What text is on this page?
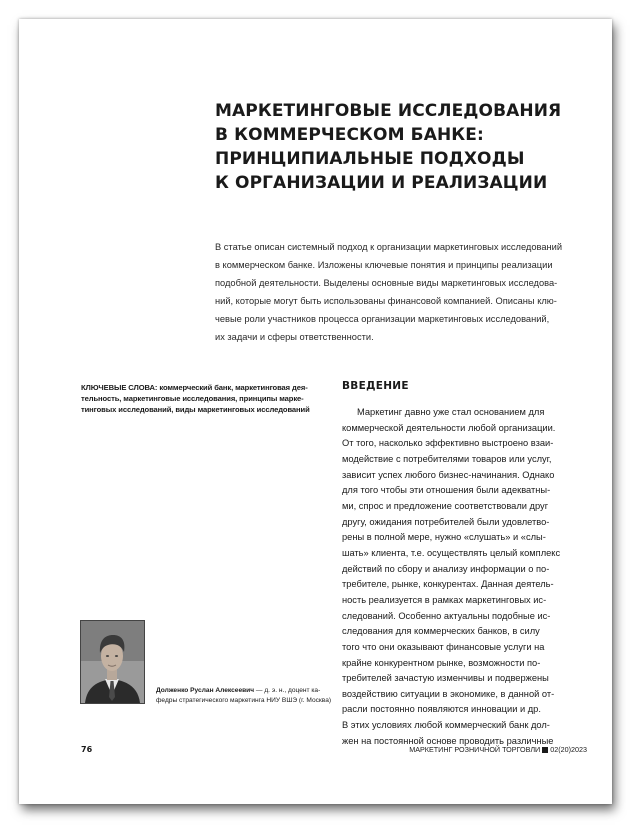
МАРКЕТИНГОВЫЕ ИССЛЕДОВАНИЯ
В КОММЕРЧЕСКОМ БАНКЕ:
ПРИНЦИПИАЛЬНЫЕ ПОДХОДЫ
К ОРГАНИЗАЦИИ И РЕАЛИЗАЦИИ
В статье описан системный подход к организации маркетинговых исследований
в коммерческом банке. Изложены ключевые понятия и принципы реализации
подобной деятельности. Выделены основные виды маркетинговых исследова-
ний, которые могут быть использованы финансовой компанией. Описаны клю-
чевые роли участников процесса организации маркетинговых исследований,
их задачи и сферы ответственности.
КЛЮЧЕВЫЕ СЛОВА: коммерческий банк, маркетинговая дея-
тельность, маркетинговые исследования, принципы марке-
тинговых исследований, виды маркетинговых исследований
ВВЕДЕНИЕ
Маркетинг давно уже стал основанием для
коммерческой деятельности любой организации.
От того, насколько эффективно выстроено взаи-
модействие с потребителями товаров или услуг,
зависит успех любого бизнес-начинания. Однако
для того чтобы эти отношения были адекватны-
ми, спрос и предложение соответствовали друг
другу, ожидания потребителей были удовлетво-
рены в полной мере, нужно «слушать» и «слы-
шать» клиента, т.е. осуществлять целый комплекс
действий по сбору и анализу информации о по-
требителе, рынке, конкурентах. Данная деятель-
ность реализуется в рамках маркетинговых ис-
следований. Особенно актуальны подобные ис-
следования для коммерческих банков, в силу
того что они оказывают финансовые услуги на
крайне конкурентном рынке, возможности по-
требителей зачастую изменчивы и подвержены
воздействию ситуации в экономике, в данной от-
расли постоянно появляются инновации и др.
В этих условиях любой коммерческий банк дол-
жен на постоянной основе проводить различные
Долженко Руслан Алексеевич — д. э. н., доцент ка-
федры стратегического маркетинга НИУ ВШЭ (г. Москва)
76	МАРКЕТИНГ РОЗНИЧНОЙ ТОРГОВЛИ 02(20)2023
